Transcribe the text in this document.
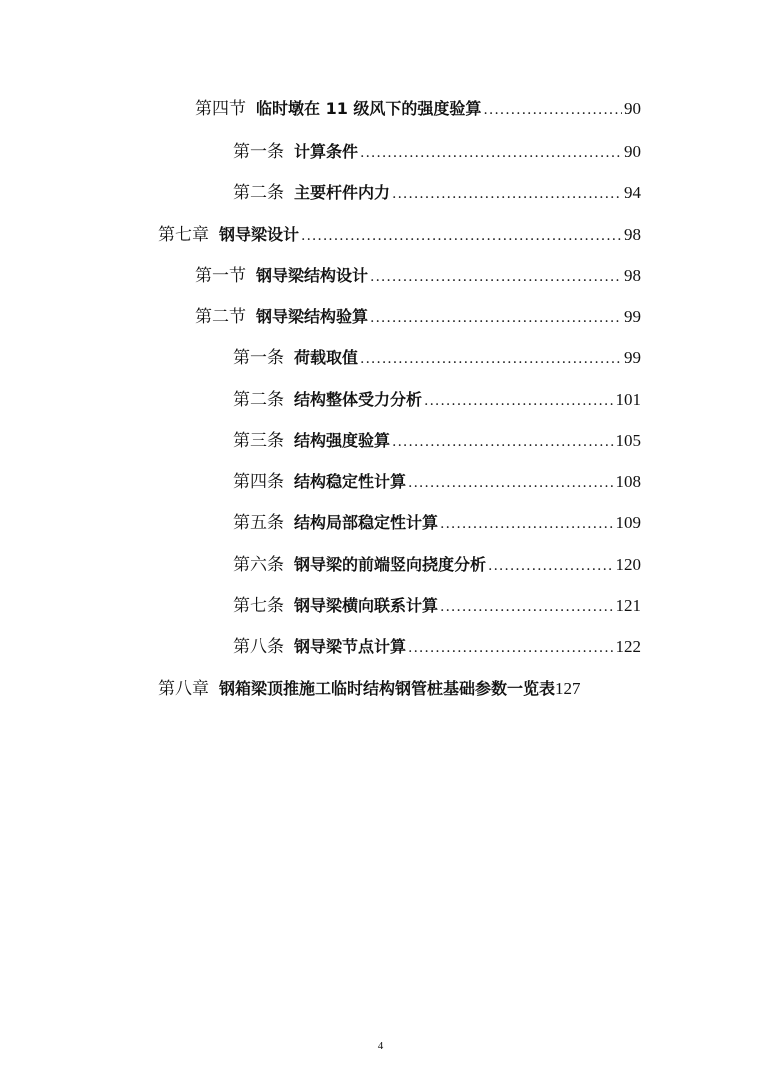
第四节 临时墩在 11 级风下的强度验算 .....	90
第一条 计算条件 .....	90
第二条 主要杆件内力 .....	94
第七章 钢导梁设计 .....	98
第一节 钢导梁结构设计 .....	98
第二节 钢导梁结构验算 .....	99
第一条 荷载取值 .....	99
第二条 结构整体受力分析 .....	101
第三条 结构强度验算 .....	105
第四条 结构稳定性计算 .....	108
第五条 结构局部稳定性计算 .....	109
第六条 钢导梁的前端竖向挠度分析 .....	120
第七条 钢导梁横向联系计算 .....	121
第八条 钢导梁节点计算 .....	122
第八章 钢箱梁顶推施工临时结构钢管桩基础参数一览表 127
4
